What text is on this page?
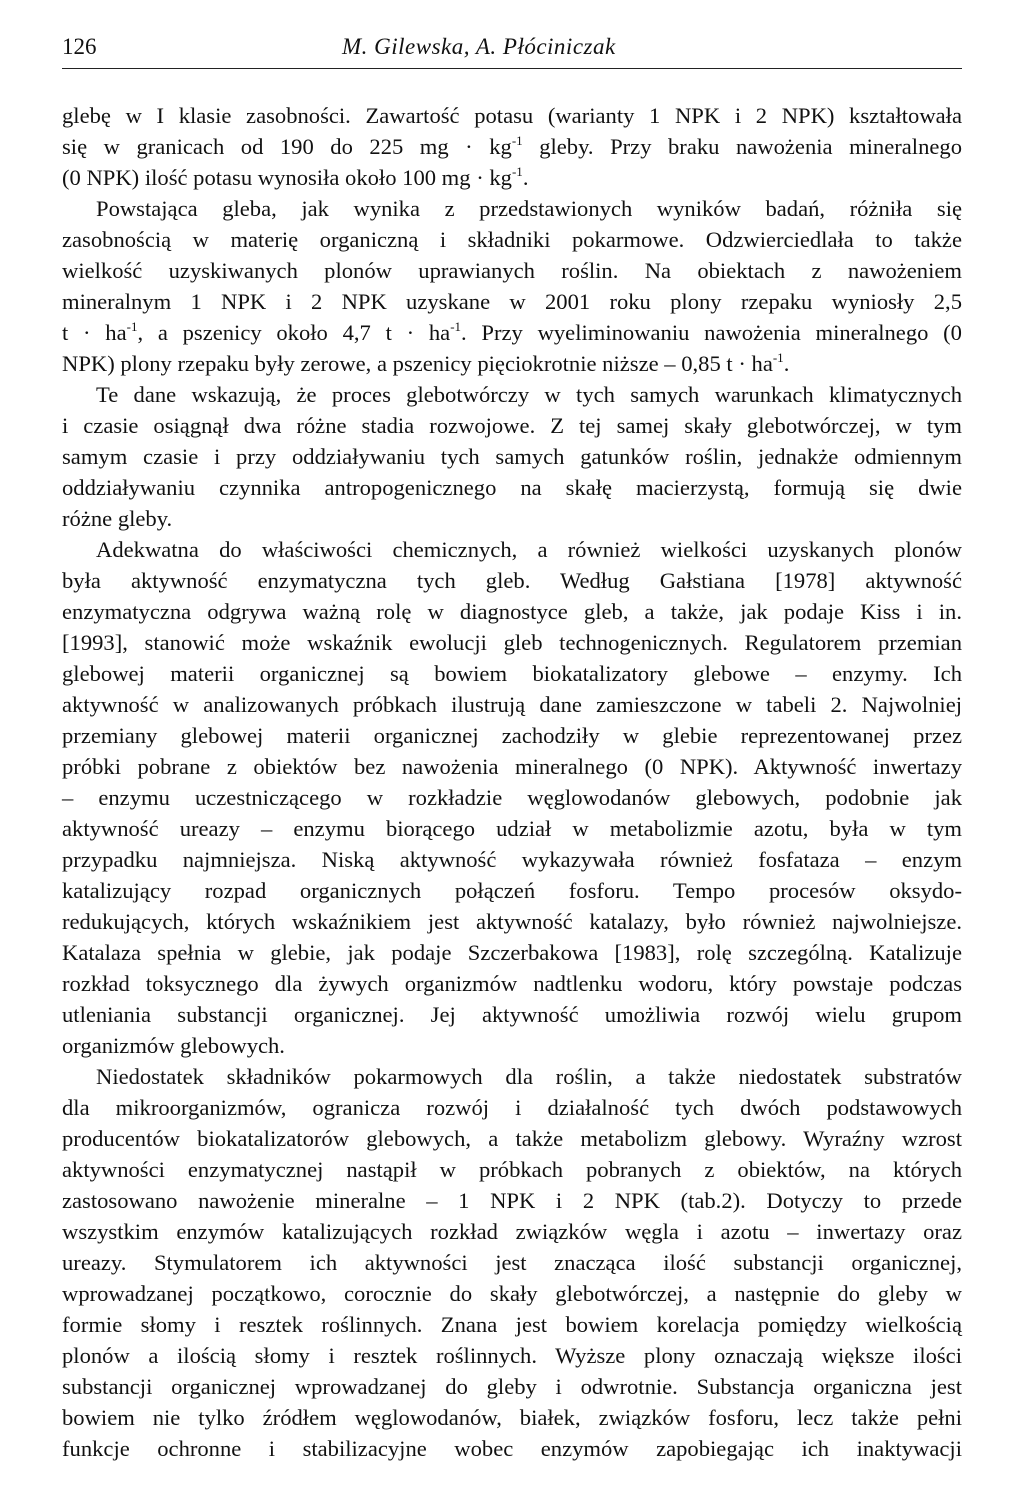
126	M. Gilewska, A. Płóciniczak
glebę w I klasie zasobności. Zawartość potasu (warianty 1 NPK i 2 NPK) kształtowała
się w granicach od 190 do 225 mg · $kg^{-1}$ gleby. Przy braku nawożenia mineralnego
(0 NPK) ilość potasu wynosiła około 100 mg · $kg^{-1}$.
Powstająca gleba, jak wynika z przedstawionych wyników badań, różniła się
zasobnością w materię organiczną i składniki pokarmowe. Odzwierciedlała to także
wielkość uzyskiwanych plonów uprawianych roślin. Na obiektach z nawożeniem
mineralnym 1 NPK i 2 NPK uzyskane w 2001 roku plony rzepaku wyniosły 2,5
$t \cdot ha^{-1}$, a pszenicy około 4,7 $t \cdot ha^{-1}$. Przy wyeliminowaniu nawożenia mineralnego (0
NPK) plony rzepaku były zerowe, a pszenicy pięciokrotnie niższe – 0,85 $t \cdot ha^{-1}$.
Te dane wskazują, że proces glebotwórczy w tych samych warunkach klimatycznych
i czasie osiągnął dwa różne stadia rozwojowe. Z tej samej skały glebotwórczej, w tym
samym czasie i przy oddziaływaniu tych samych gatunków roślin, jednakże odmiennym
oddziaływaniu czynnika antropogenicznego na skałę macierzystą, formują się dwie
różne gleby.
Adekwatna do właściwości chemicznych, a również wielkości uzyskanych plonów
była aktywność enzymatyczna tych gleb. Według Gałstiana [1978] aktywność
enzymatyczna odgrywa ważną rolę w diagnostyce gleb, a także, jak podaje Kiss i in.
[1993], stanowić może wskaźnik ewolucji gleb technogenicznych. Regulatorem przemian
glebowej materii organicznej są bowiem biokatalizatory glebowe – enzymy. Ich
aktywność w analizowanych próbkach ilustrują dane zamieszczone w tabeli 2. Najwolniej
przemiany glebowej materii organicznej zachodziły w glebie reprezentowanej przez
próbki pobrane z obiektów bez nawożenia mineralnego (0 NPK). Aktywność inwertazy
– enzymu uczestniczącego w rozkładzie węglowodanów glebowych, podobnie jak
aktywność ureazy – enzymu biorącego udział w metabolizmie azotu, była w tym
przypadku najmniejsza. Niską aktywność wykazywała również fosfataza – enzym
katalizujący rozpad organicznych połączeń fosforu. Tempo procesów oksydo-
redukujących, których wskaźnikiem jest aktywność katalazy, było również najwolniejsze.
Katalaza spełnia w glebie, jak podaje Szczerbakowa [1983], rolę szczególną. Katalizuje
rozkład toksycznego dla żywych organizmów nadtlenku wodoru, który powstaje podczas
utleniania substancji organicznej. Jej aktywność umożliwia rozwój wielu grupom
organizmów glebowych.
Niedostatek składników pokarmowych dla roślin, a także niedostatek substratów
dla mikroorganizmów, ogranicza rozwój i działalność tych dwóch podstawowych
producentów biokatalizatorów glebowych, a także metabolizm glebowy. Wyraźny wzrost
aktywności enzymatycznej nastąpił w próbkach pobranych z obiektów, na których
zastosowano nawożenie mineralne – 1 NPK i 2 NPK (tab.2). Dotyczy to przede
wszystkim enzymów katalizujących rozkład związków węgla i azotu – inwertazy oraz
ureazy. Stymulatorem ich aktywności jest znacząca ilość substancji organicznej,
wprowadzanej początkowo, corocznie do skały glebotwórczej, a następnie do gleby w
formie słomy i resztek roślinnych. Znana jest bowiem korelacja pomiędzy wielkością
plonów a ilością słomy i resztek roślinnych. Wyższe plony oznaczają większe ilości
substancji organicznej wprowadzanej do gleby i odwrotnie. Substancja organiczna jest
bowiem nie tylko źródłem węglowodanów, białek, związków fosforu, lecz także pełni
funkcje ochronne i stabilizacyjne wobec enzymów zapobiegając ich inaktywacji
